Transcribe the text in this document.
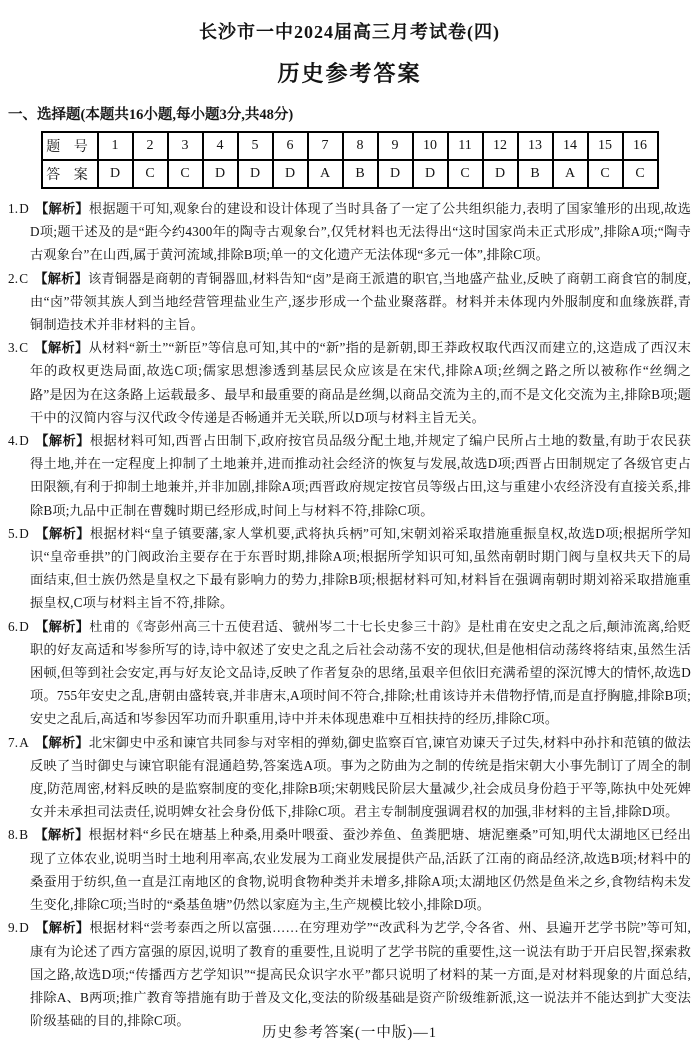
长沙市一中2024届高三月考试卷(四)
历史参考答案
一、选择题(本题共16小题,每小题3分,共48分)
题 号	1	2	3	4	5	6	7	8	9	10	11	12	13	14	15	16
答 案	D	C	C	D	D	D	A	B	D	D	C	D	B	A	C	C

1.D 【解析】根据题干可知,观象台的建设和设计体现了当时具备了一定了公共组织能力,表明了国家雏形的出现,故选D项;题干述及的是“距今约4300年的陶寺古观象台”,仅凭材料也无法得出“这时国家尚未正式形成”,排除A项;“陶寺古观象台”在山西,属于黄河流域,排除B项;单一的文化遗产无法体现“多元一体”,排除C项。

2.C 【解析】该青铜器是商朝的青铜器皿,材料告知“卤”是商王派遣的职官,当地盛产盐业,反映了商朝工商食官的制度,由“卤”带领其族人到当地经营管理盐业生产,逐步形成一个盐业聚落群。材料并未体现内外服制度和血缘族群,青铜制造技术并非材料的主旨。

3.C 【解析】从材料“新土”“新臣”等信息可知,其中的“新”指的是新朝,即王莽政权取代西汉而建立的,这造成了西汉末年的政权更迭局面,故选C项;儒家思想渗透到基层民众应该是在宋代,排除A项;丝绸之路之所以被称作“丝绸之路”是因为在这条路上运载最多、最早和最重要的商品是丝绸,以商品交流为主的,而不是文化交流为主,排除B项;题干中的汉简内容与汉代政令传递是否畅通并无关联,所以D项与材料主旨无关。

4.D 【解析】根据材料可知,西晋占田制下,政府按官员品级分配土地,并规定了编户民所占土地的数量,有助于农民获得土地,并在一定程度上抑制了土地兼并,进而推动社会经济的恢复与发展,故选D项;西晋占田制规定了各级官吏占田限额,有利于抑制土地兼并,并非加剧,排除A项;西晋政府规定按官员等级占田,这与重建小农经济没有直接关系,排除B项;九品中正制在曹魏时期已经形成,时间上与材料不符,排除C项。

5.D 【解析】根据材料“皇子镇要藩,家人掌机要,武将执兵柄”可知,宋朝刘裕采取措施重振皇权,故选D项;根据所学知识“皇帝垂拱”的门阀政治主要存在于东晋时期,排除A项;根据所学知识可知,虽然南朝时期门阀与皇权共天下的局面结束,但士族仍然是皇权之下最有影响力的势力,排除B项;根据材料可知,材料旨在强调南朝时期刘裕采取措施重振皇权,C项与材料主旨不符,排除。

6.D 【解析】杜甫的《寄彭州高三十五使君适、虢州岑二十七长史参三十韵》是杜甫在安史之乱之后,颠沛流离,给贬职的好友高适和岑参所写的诗,诗中叙述了安史之乱之后社会动荡不安的现状,但是他相信动荡终将结束,虽然生活困顿,但等到社会安定,再与好友论文品诗,反映了作者复杂的思绪,虽艰辛但依旧充满希望的深沉博大的情怀,故选D项。755年安史之乱,唐朝由盛转衰,并非唐末,A项时间不符合,排除;杜甫该诗并未借物抒情,而是直抒胸臆,排除B项;安史之乱后,高适和岑参因军功而升职重用,诗中并未体现患难中互相扶持的经历,排除C项。

7.A 【解析】北宋御史中丞和谏官共同参与对宰相的弹劾,御史监察百官,谏官劝谏天子过失,材料中孙抃和范镇的做法反映了当时御史与谏官职能有混通趋势,答案选A项。事为之防曲为之制的传统是指宋朝大小事先制订了周全的制度,防范周密,材料反映的是监察制度的变化,排除B项;宋朝贱民阶层大量减少,社会成员身份趋于平等,陈执中处死婢女并未承担司法责任,说明婢女社会身份低下,排除C项。君主专制制度强调君权的加强,非材料的主旨,排除D项。

8.B 【解析】根据材料“乡民在塘基上种桑,用桑叶喂蚕、蚕沙养鱼、鱼粪肥塘、塘泥壅桑”可知,明代太湖地区已经出现了立体农业,说明当时土地利用率高,农业发展为工商业发展提供产品,活跃了江南的商品经济,故选B项;材料中的桑蚕用于纺织,鱼一直是江南地区的食物,说明食物种类并未增多,排除A项;太湖地区仍然是鱼米之乡,食物结构未发生变化,排除C项;当时的“桑基鱼塘”仍然以家庭为主,生产规模比较小,排除D项。

9.D 【解析】根据材料“尝考泰西之所以富强……在穷理劝学”“改武科为艺学,令各省、州、县遍开艺学书院”等可知,康有为论述了西方富强的原因,说明了教育的重要性,且说明了艺学书院的重要性,这一说法有助于开启民智,探索救国之路,故选D项;“传播西方艺学知识”“提高民众识字水平”都只说明了材料的某一方面,是对材料现象的片面总结,排除A、B两项;推广教育等措施有助于普及文化,变法的阶级基础是资产阶级维新派,这一说法并不能达到扩大变法阶级基础的目的,排除C项。

历史参考答案(一中版)—1
